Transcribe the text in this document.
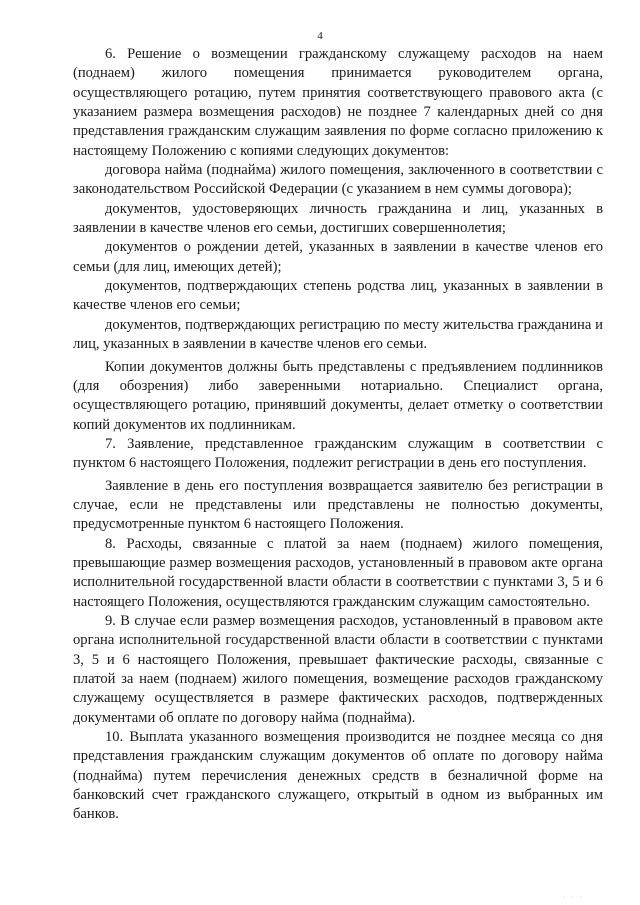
4

6. Решение о возмещении гражданскому служащему расходов на наем (поднаем) жилого помещения принимается руководителем органа, осуществляющего ротацию, путем принятия соответствующего правового акта (с указанием размера возмещения расходов) не позднее 7 календарных дней со дня представления гражданским служащим заявления по форме согласно приложению к настоящему Положению с копиями следующих документов:

договора найма (поднайма) жилого помещения, заключенного в соответствии с законодательством Российской Федерации (с указанием в нем суммы договора);

документов, удостоверяющих личность гражданина и лиц, указанных в заявлении в качестве членов его семьи, достигших совершеннолетия;

документов о рождении детей, указанных в заявлении в качестве членов его семьи (для лиц, имеющих детей);

документов, подтверждающих степень родства лиц, указанных в заявлении в качестве членов его семьи;

документов, подтверждающих регистрацию по месту жительства гражданина и лиц, указанных в заявлении в качестве членов его семьи.

Копии документов должны быть представлены с предъявлением подлинников (для обозрения) либо заверенными нотариально. Специалист органа, осуществляющего ротацию, принявший документы, делает отметку о соответствии копий документов их подлинникам.

7. Заявление, представленное гражданским служащим в соответствии с пунктом 6 настоящего Положения, подлежит регистрации в день его поступления.

Заявление в день его поступления возвращается заявителю без регистрации в случае, если не представлены или представлены не полностью документы, предусмотренные пунктом 6 настоящего Положения.

8. Расходы, связанные с платой за наем (поднаем) жилого помещения, превышающие размер возмещения расходов, установленный в правовом акте органа исполнительной государственной власти области в соответствии с пунктами 3, 5 и 6 настоящего Положения, осуществляются гражданским служащим самостоятельно.

9. В случае если размер возмещения расходов, установленный в правовом акте органа исполнительной государственной власти области в соответствии с пунктами 3, 5 и 6 настоящего Положения, превышает фактические расходы, связанные с платой за наем (поднаем) жилого помещения, возмещение расходов гражданскому служащему осуществляется в размере фактических расходов, подтвержденных документами об оплате по договору найма (поднайма).

10. Выплата указанного возмещения производится не позднее месяца со дня представления гражданским служащим документов об оплате по договору найма (поднайма) путем перечисления денежных средств в безналичной форме на банковский счет гражданского служащего, открытый в одном из выбранных им банков.

· · ·
